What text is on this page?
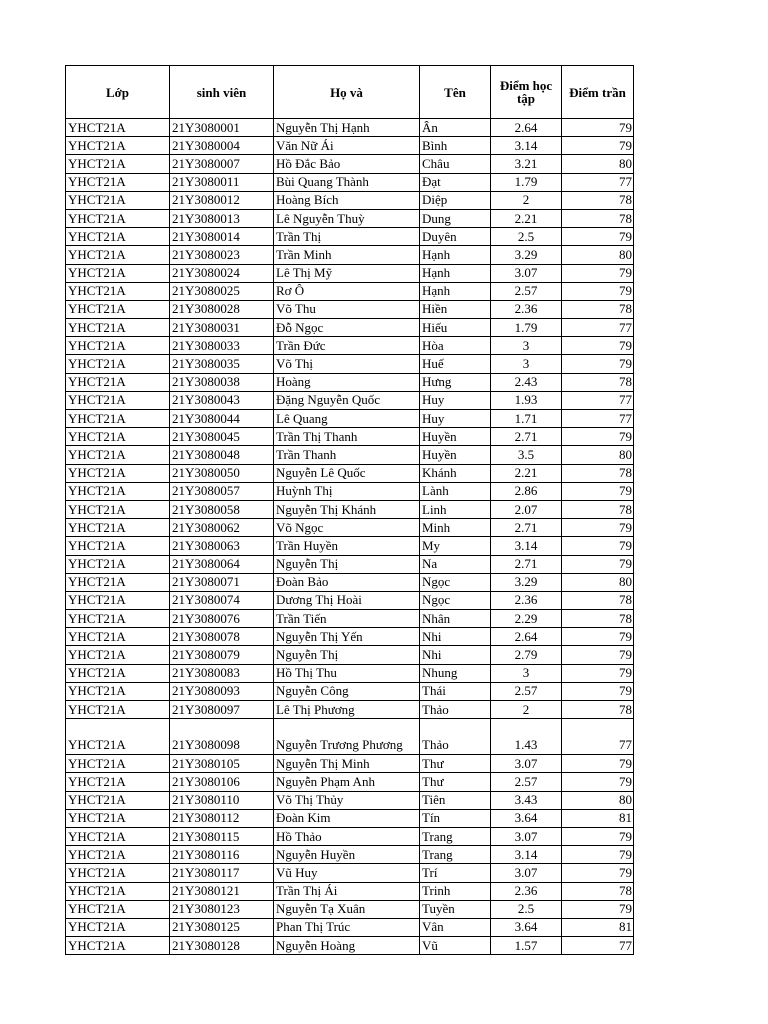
Lớp	sinh viên	Họ và	Tên	Điểm học tập	Điểm trần
YHCT21A	21Y3080001	Nguyễn Thị Hạnh	Ân	2.64	79
YHCT21A	21Y3080004	Văn Nữ Ái	Bình	3.14	79
YHCT21A	21Y3080007	Hồ Đắc Bảo	Châu	3.21	80
YHCT21A	21Y3080011	Bùi Quang Thành	Đạt	1.79	77
YHCT21A	21Y3080012	Hoàng Bích	Diệp	2	78
YHCT21A	21Y3080013	Lê Nguyễn Thuỳ	Dung	2.21	78
YHCT21A	21Y3080014	Trần Thị	Duyên	2.5	79
YHCT21A	21Y3080023	Trần Minh	Hạnh	3.29	80
YHCT21A	21Y3080024	Lê Thị Mỹ	Hạnh	3.07	79
YHCT21A	21Y3080025	Rơ Ô	Hạnh	2.57	79
YHCT21A	21Y3080028	Võ Thu	Hiền	2.36	78
YHCT21A	21Y3080031	Đỗ Ngọc	Hiếu	1.79	77
YHCT21A	21Y3080033	Trần Đức	Hòa	3	79
YHCT21A	21Y3080035	Võ Thị	Huế	3	79
YHCT21A	21Y3080038	Hoàng	Hưng	2.43	78
YHCT21A	21Y3080043	Đặng Nguyễn Quốc	Huy	1.93	77
YHCT21A	21Y3080044	Lê Quang	Huy	1.71	77
YHCT21A	21Y3080045	Trần Thị Thanh	Huyền	2.71	79
YHCT21A	21Y3080048	Trần Thanh	Huyền	3.5	80
YHCT21A	21Y3080050	Nguyễn Lê Quốc	Khánh	2.21	78
YHCT21A	21Y3080057	Huỳnh Thị	Lành	2.86	79
YHCT21A	21Y3080058	Nguyễn Thị Khánh	Linh	2.07	78
YHCT21A	21Y3080062	Võ Ngọc	Minh	2.71	79
YHCT21A	21Y3080063	Trần Huyền	My	3.14	79
YHCT21A	21Y3080064	Nguyễn Thị	Na	2.71	79
YHCT21A	21Y3080071	Đoàn Bảo	Ngọc	3.29	80
YHCT21A	21Y3080074	Dương Thị Hoài	Ngọc	2.36	78
YHCT21A	21Y3080076	Trần Tiến	Nhân	2.29	78
YHCT21A	21Y3080078	Nguyễn Thị Yến	Nhi	2.64	79
YHCT21A	21Y3080079	Nguyễn Thị	Nhi	2.79	79
YHCT21A	21Y3080083	Hồ Thị Thu	Nhung	3	79
YHCT21A	21Y3080093	Nguyễn Công	Thái	2.57	79
YHCT21A	21Y3080097	Lê Thị Phương	Thảo	2	78
YHCT21A	21Y3080098	Nguyễn Trương Phương	Thảo	1.43	77
YHCT21A	21Y3080105	Nguyễn Thị Minh	Thư	3.07	79
YHCT21A	21Y3080106	Nguyễn Phạm Anh	Thư	2.57	79
YHCT21A	21Y3080110	Võ Thị Thủy	Tiên	3.43	80
YHCT21A	21Y3080112	Đoàn Kim	Tín	3.64	81
YHCT21A	21Y3080115	Hồ Thảo	Trang	3.07	79
YHCT21A	21Y3080116	Nguyễn Huyền	Trang	3.14	79
YHCT21A	21Y3080117	Vũ Huy	Trí	3.07	79
YHCT21A	21Y3080121	Trần Thị Ái	Trinh	2.36	78
YHCT21A	21Y3080123	Nguyễn Tạ Xuân	Tuyền	2.5	79
YHCT21A	21Y3080125	Phan Thị Trúc	Vân	3.64	81
YHCT21A	21Y3080128	Nguyễn Hoàng	Vũ	1.57	77
